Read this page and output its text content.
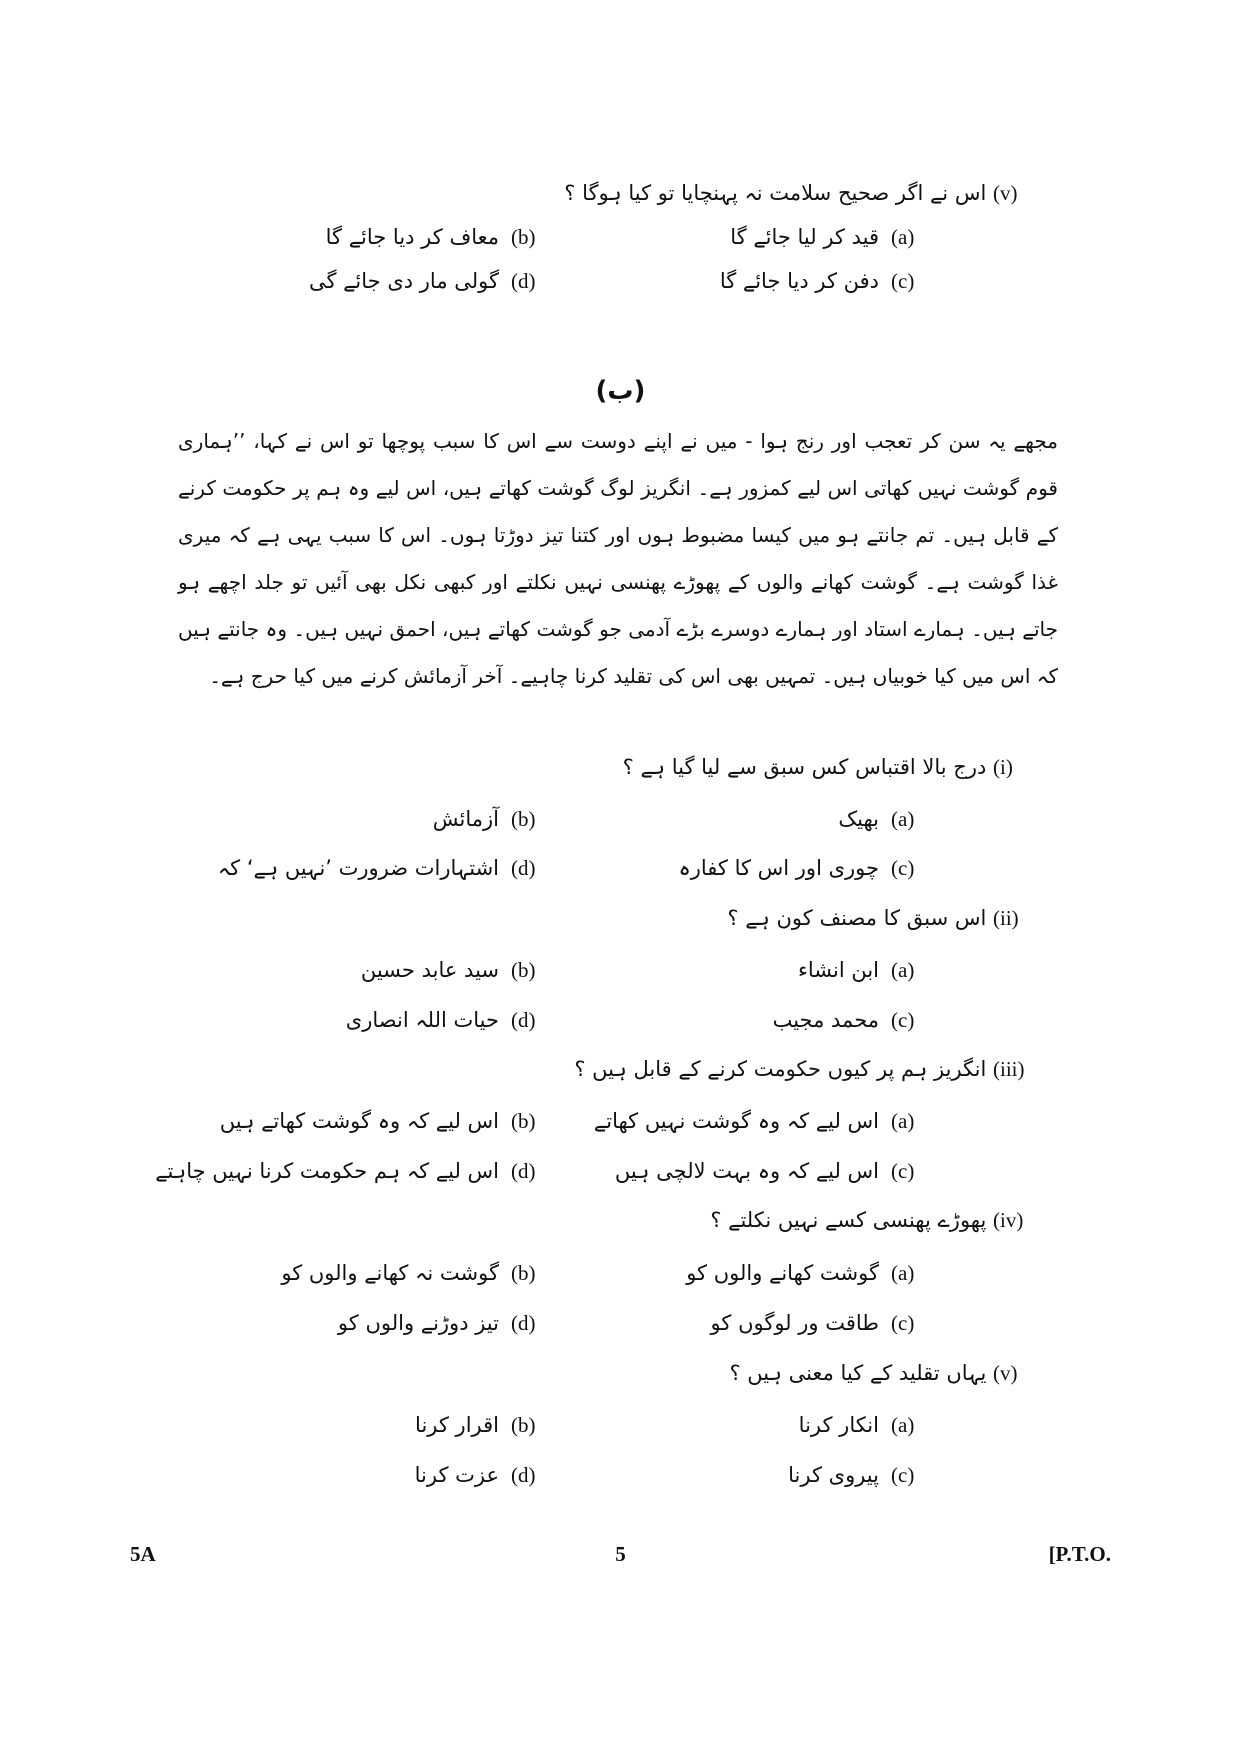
(v) اس نے اگر صحیح سلامت نہ پہنچایا تو کیا ہوگا ؟
(a)قید کر لیا جائے گا
(b)معاف کر دیا جائے گا
(c)دفن کر دیا جائے گا
(d)گولی مار دی جائے گی
(ب)
مجھے یہ سن کر تعجب اور رنج ہوا - میں نے اپنے دوست سے اس کا سبب پوچھا تو اس نے کہا، ’’ہماری قوم گوشت نہیں کھاتی اس لیے کمزور ہے۔ انگریز لوگ گوشت کھاتے ہیں، اس لیے وہ ہم پر حکومت کرنے کے قابل ہیں۔ تم جانتے ہو میں کیسا مضبوط ہوں اور کتنا تیز دوڑتا ہوں۔ اس کا سبب یہی ہے کہ میری غذا گوشت ہے۔ گوشت کھانے والوں کے پھوڑے پھنسی نہیں نکلتے اور کبھی نکل بھی آئیں تو جلد اچھے ہو جاتے ہیں۔ ہمارے استاد اور ہمارے دوسرے بڑے آدمی جو گوشت کھاتے ہیں، احمق نہیں ہیں۔ وہ جانتے ہیں کہ اس میں کیا خوبیاں ہیں۔ تمہیں بھی اس کی تقلید کرنا چاہیے۔ آخر آزمائش کرنے میں کیا حرج ہے۔
(i) درج بالا اقتباس کس سبق سے لیا گیا ہے ؟
(a)بھیک
(b)آزمائش
(c)چوری اور اس کا کفارہ
(d)اشتہارات ضرورت ’نہیں ہے‘ کہ
(ii) اس سبق کا مصنف کون ہے ؟
(a)ابن انشاء
(b)سید عابد حسین
(c)محمد مجیب
(d)حیات اللہ انصاری
(iii) انگریز ہم پر کیوں حکومت کرنے کے قابل ہیں ؟
(a)اس لیے کہ وہ گوشت نہیں کھاتے
(b)اس لیے کہ وہ گوشت کھاتے ہیں
(c)اس لیے کہ وہ بہت لالچی ہیں
(d)اس لیے کہ ہم حکومت کرنا نہیں چاہتے
(iv) پھوڑے پھنسی کسے نہیں نکلتے ؟
(a)گوشت کھانے والوں کو
(b)گوشت نہ کھانے والوں کو
(c)طاقت ور لوگوں کو
(d)تیز دوڑنے والوں کو
(v) یہاں تقلید کے کیا معنی ہیں ؟
(a)انکار کرنا
(b)اقرار کرنا
(c)پیروی کرنا
(d)عزت کرنا
5A	5	[P.T.O.
